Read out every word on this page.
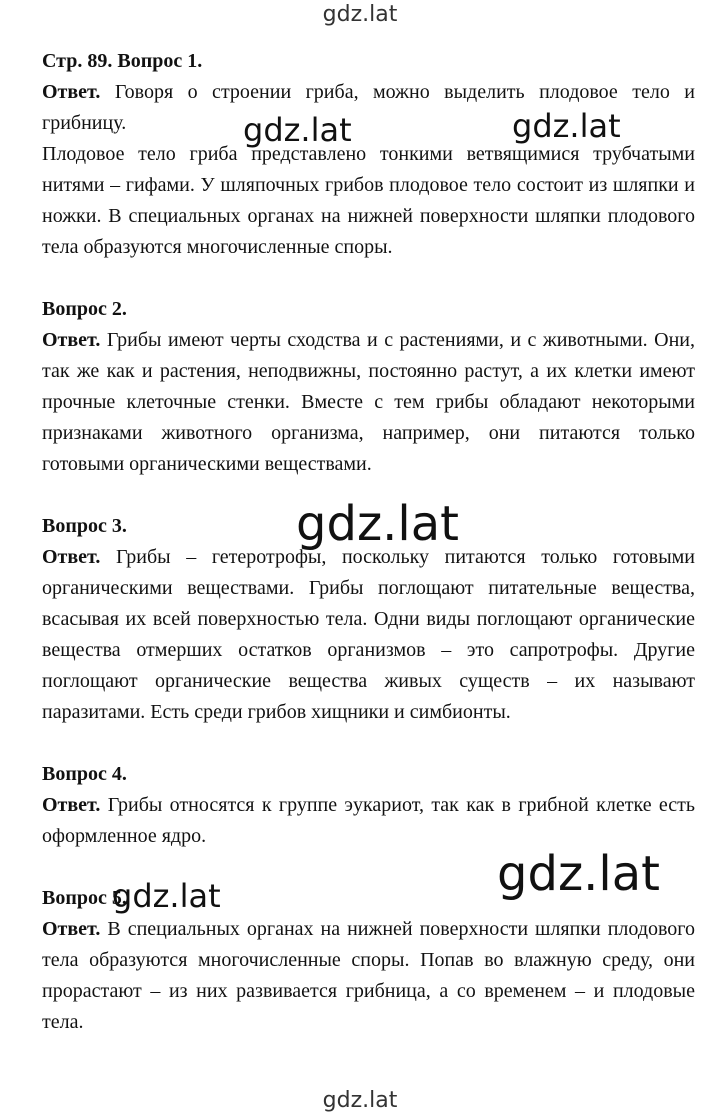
gdz.lat

Стр. 89. Вопрос 1.

Ответ. Говоря о строении гриба, можно выделить плодовое тело и грибницу.

Плодовое тело гриба представлено тонкими ветвящимися трубчатыми нитями – гифами. У шляпочных грибов плодовое тело состоит из шляпки и ножки. В специальных органах на нижней поверхности шляпки плодового тела образуются многочисленные споры.

Вопрос 2.

Ответ. Грибы имеют черты сходства и с растениями, и с животными. Они, так же как и растения, неподвижны, постоянно растут, а их клетки имеют прочные клеточные стенки. Вместе с тем грибы обладают некоторыми признаками животного организма, например, они питаются только готовыми органическими веществами.

Вопрос 3.

Ответ. Грибы – гетеротрофы, поскольку питаются только готовыми органическими веществами. Грибы поглощают питательные вещества, всасывая их всей поверхностью тела. Одни виды поглощают органические вещества отмерших остатков организмов – это сапротрофы. Другие поглощают органические вещества живых существ – их называют паразитами. Есть среди грибов хищники и симбионты.

Вопрос 4.

Ответ. Грибы относятся к группе эукариот, так как в грибной клетке есть оформленное ядро.

Вопрос 5.

Ответ. В специальных органах на нижней поверхности шляпки плодового тела образуются многочисленные споры. Попав во влажную среду, они прорастают – из них развивается грибница, а со временем – и плодовые тела.

gdz.lat	gdz.lat
gdz.lat
gdz.lat
gdz.lat
gdz.lat
